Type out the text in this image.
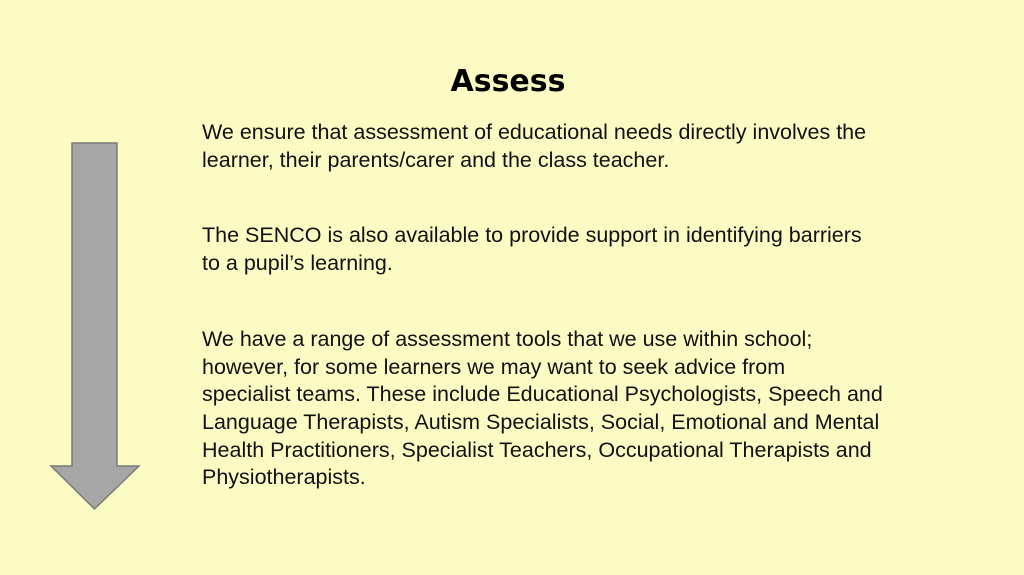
Assess

We ensure that assessment of educational needs directly involves the
learner, their parents/carer and the class teacher.

The SENCO is also available to provide support in identifying barriers
to a pupil’s learning.

We have a range of assessment tools that we use within school;
however, for some learners we may want to seek advice from
specialist teams. These include Educational Psychologists, Speech and
Language Therapists, Autism Specialists, Social, Emotional and Mental
Health Practitioners, Specialist Teachers, Occupational Therapists and
Physiotherapists.
